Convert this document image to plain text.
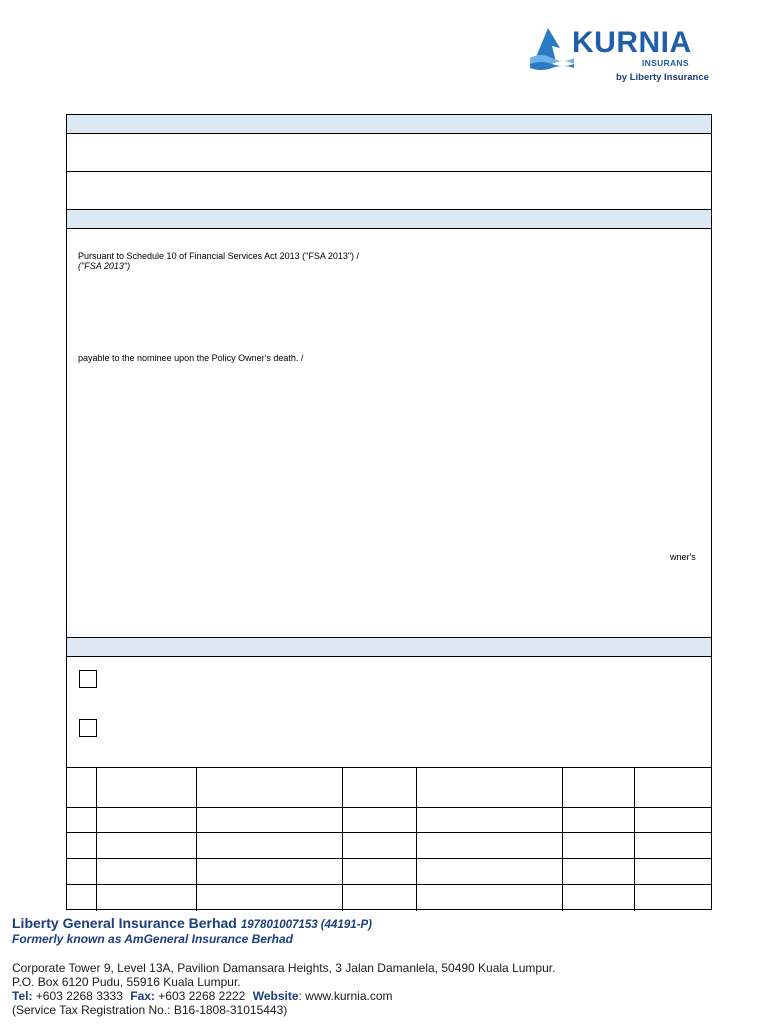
KURNIA
INSURANS
by Liberty Insurance
Pursuant to Schedule 10 of Financial Services Act 2013 ("FSA 2013") /
("FSA 2013")
payable to the nominee upon the Policy Owner's death. /
wner's

Liberty General Insurance Berhad 197801007153 (44191-P)
Formerly known as AmGeneral Insurance Berhad
Corporate Tower 9, Level 13A, Pavilion Damansara Heights, 3 Jalan Damanlela, 50490 Kuala Lumpur.
P.O. Box 6120 Pudu, 55916 Kuala Lumpur.
Tel: +603 2268 3333 Fax: +603 2268 2222 Website: www.kurnia.com
(Service Tax Registration No.: B16-1808-31015443)
